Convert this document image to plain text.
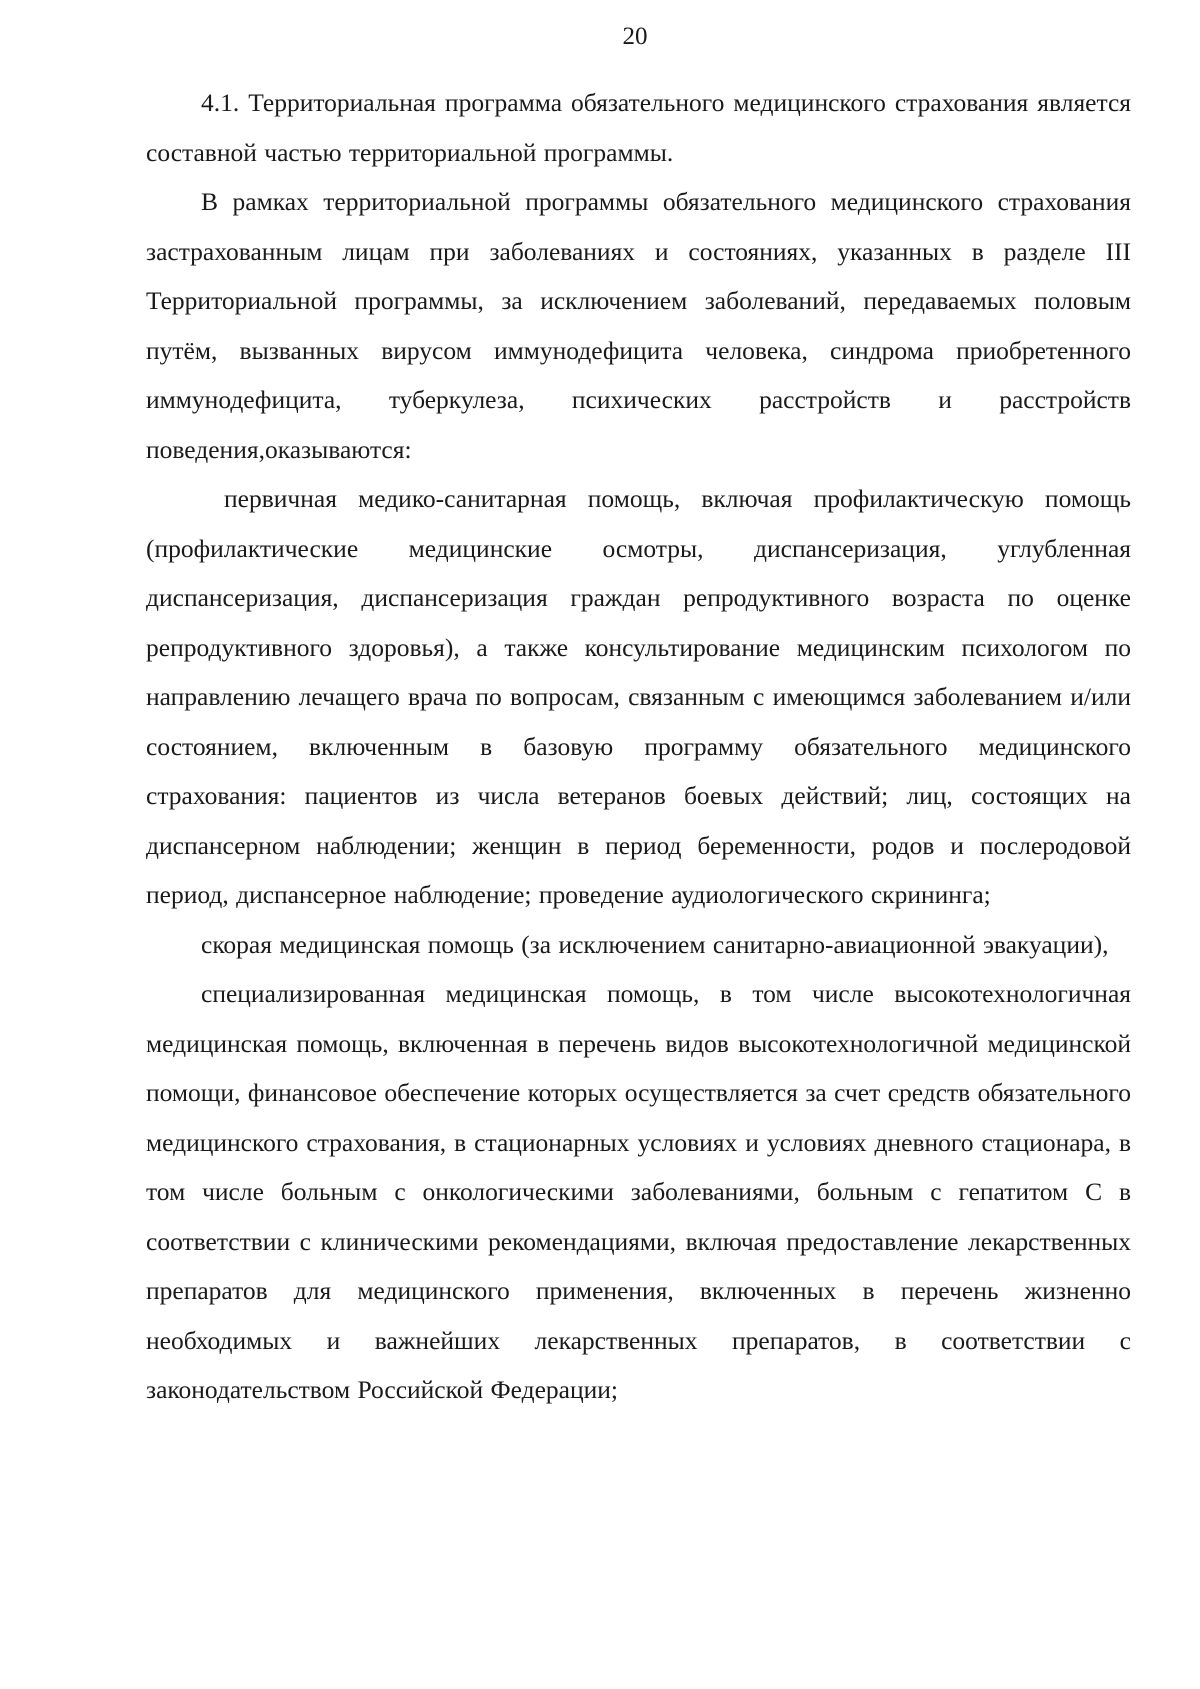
20

4.1. Территориальная программа обязательного медицинского страхования является составной частью территориальной программы.

В рамках территориальной программы обязательного медицинского страхования застрахованным лицам при заболеваниях и состояниях, указанных в разделе III Территориальной программы, за исключением заболеваний, передаваемых половым путём, вызванных вирусом иммунодефицита человека, синдрома приобретенного иммунодефицита, туберкулеза, психических расстройств и расстройств поведения,оказываются:

первичная медико-санитарная помощь, включая профилактическую помощь (профилактические медицинские осмотры, диспансеризация, углубленная диспансеризация, диспансеризация граждан репродуктивного возраста по оценке репродуктивного здоровья), а также консультирование медицинским психологом по направлению лечащего врача по вопросам, связанным с имеющимся заболеванием и/или состоянием, включенным в базовую программу обязательного медицинского страхования: пациентов из числа ветеранов боевых действий; лиц, состоящих на диспансерном наблюдении; женщин в период беременности, родов и послеродовой период, диспансерное наблюдение; проведение аудиологического скрининга;

скорая медицинская помощь (за исключением санитарно-авиационной эвакуации),

специализированная медицинская помощь, в том числе высокотехнологичная медицинская помощь, включенная в перечень видов высокотехнологичной медицинской помощи, финансовое обеспечение которых осуществляется за счет средств обязательного медицинского страхования, в стационарных условиях и условиях дневного стационара, в том числе больным с онкологическими заболеваниями, больным с гепатитом С в соответствии с клиническими рекомендациями, включая предоставление лекарственных препаратов для медицинского применения, включенных в перечень жизненно необходимых и важнейших лекарственных препаратов, в соответствии с законодательством Российской Федерации;
